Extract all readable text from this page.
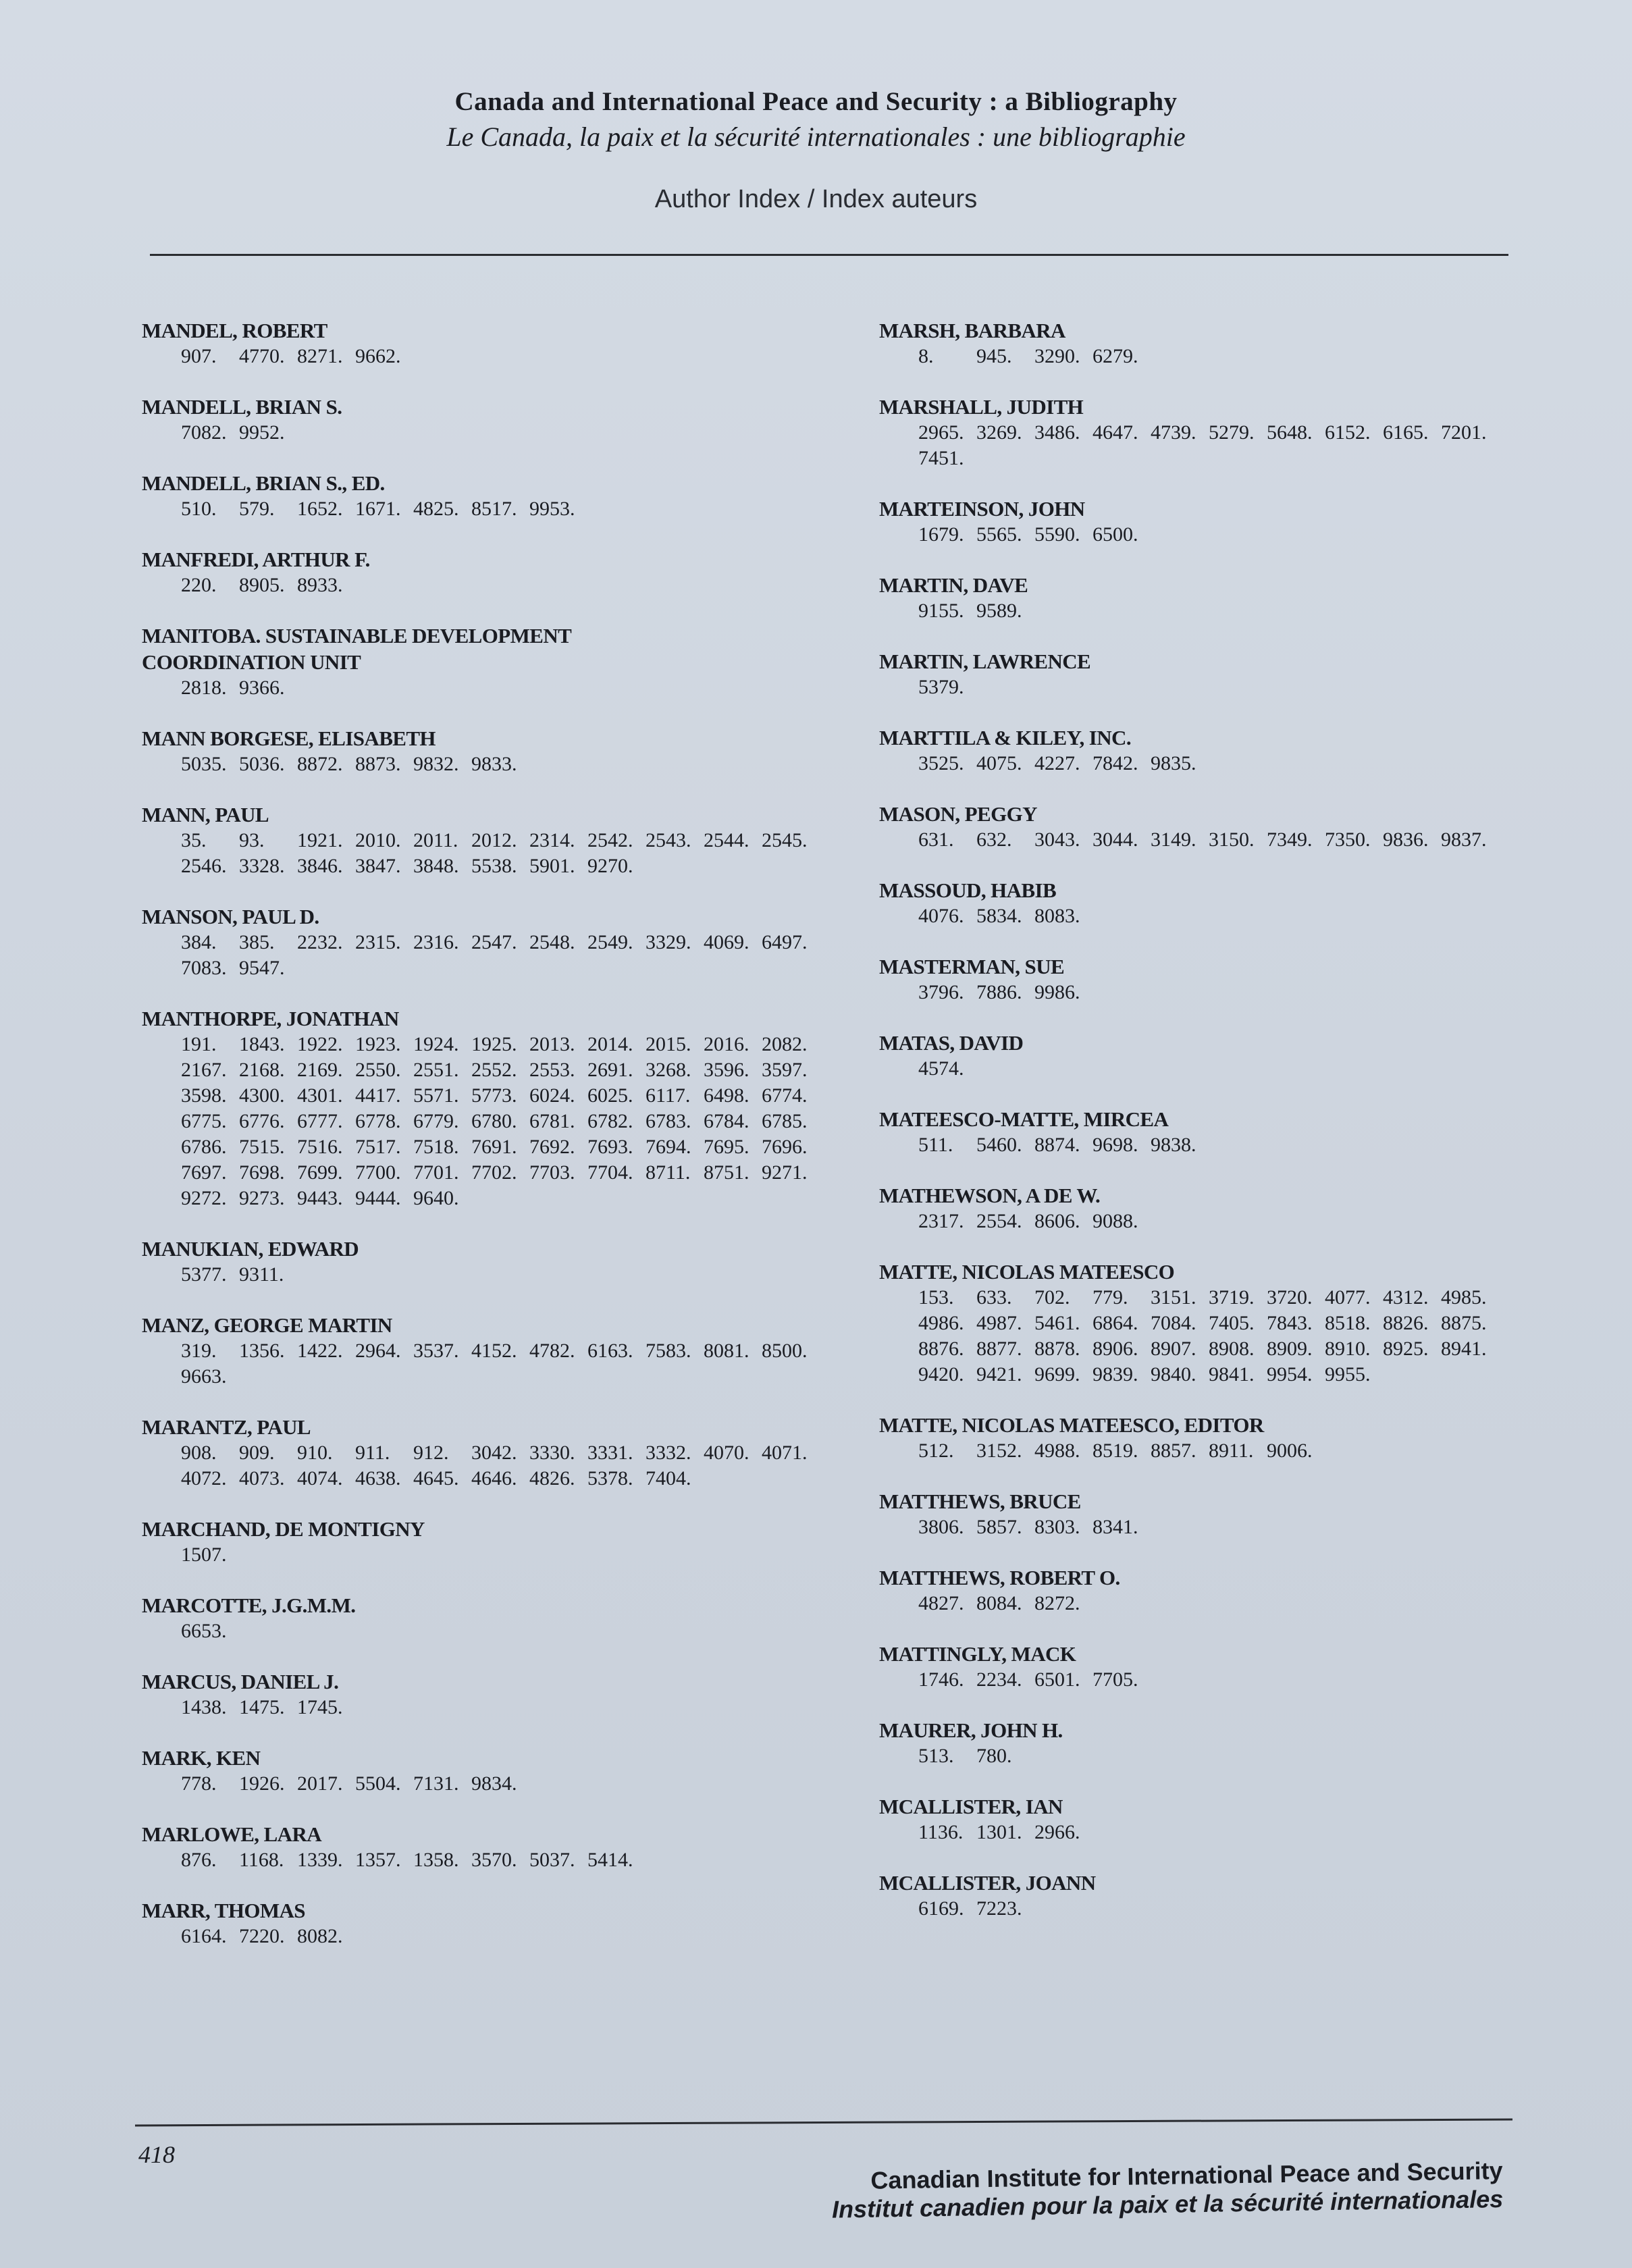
Canada and International Peace and Security : a Bibliography

Le Canada, la paix et la sécurité internationales : une bibliographie

Author Index / Index auteurs

MANDEL, ROBERT
907.	4770. 8271. 9662.
MANDELL, BRIAN S.
7082. 9952.
MANDELL, BRIAN S., ED.
510.	579.	1652. 1671. 4825. 8517. 9953.
MANFREDI, ARTHUR F.
220.	8905. 8933.
MANITOBA. SUSTAINABLE DEVELOPMENT
COORDINATION UNIT
2818. 9366.
MANN BORGESE, ELISABETH
5035. 5036. 8872. 8873. 9832. 9833.
MANN, PAUL
35.	93.	1921. 2010. 2011. 2012. 2314. 2542. 2543. 2544. 2545.
2546. 3328. 3846. 3847. 3848. 5538. 5901. 9270.
MANSON, PAUL D.
384.	385.	2232. 2315. 2316. 2547. 2548. 2549. 3329. 4069. 6497.
7083. 9547.
MANTHORPE, JONATHAN
191.	1843. 1922. 1923. 1924. 1925. 2013. 2014. 2015. 2016. 2082.
2167. 2168. 2169. 2550. 2551. 2552. 2553. 2691. 3268. 3596. 3597.
3598. 4300. 4301. 4417. 5571. 5773. 6024. 6025. 6117. 6498. 6774.
6775. 6776. 6777. 6778. 6779. 6780. 6781. 6782. 6783. 6784. 6785.
6786. 7515. 7516. 7517. 7518. 7691. 7692. 7693. 7694. 7695. 7696.
7697. 7698. 7699. 7700. 7701. 7702. 7703. 7704. 8711. 8751. 9271.
9272. 9273. 9443. 9444. 9640.
MANUKIAN, EDWARD
5377. 9311.
MANZ, GEORGE MARTIN
319.	1356. 1422. 2964. 3537. 4152. 4782. 6163. 7583. 8081. 8500.
9663.
MARANTZ, PAUL
908.	909.	910.	911.	912.	3042. 3330. 3331. 3332. 4070. 4071.
4072. 4073. 4074. 4638. 4645. 4646. 4826. 5378. 7404.
MARCHAND, DE MONTIGNY
1507.
MARCOTTE, J.G.M.M.
6653.
MARCUS, DANIEL J.
1438. 1475. 1745.
MARK, KEN
778.	1926. 2017. 5504. 7131. 9834.
MARLOWE, LARA
876.	1168. 1339. 1357. 1358. 3570. 5037. 5414.
MARR, THOMAS
6164. 7220. 8082.
MARSH, BARBARA
8.	945.	3290. 6279.
MARSHALL, JUDITH
2965. 3269. 3486. 4647. 4739. 5279. 5648. 6152. 6165. 7201.
7451.
MARTEINSON, JOHN
1679. 5565. 5590. 6500.
MARTIN, DAVE
9155. 9589.
MARTIN, LAWRENCE
5379.
MARTTILA & KILEY, INC.
3525. 4075. 4227. 7842. 9835.
MASON, PEGGY
631.	632.	3043. 3044. 3149. 3150. 7349. 7350. 9836. 9837.
MASSOUD, HABIB
4076. 5834. 8083.
MASTERMAN, SUE
3796. 7886. 9986.
MATAS, DAVID
4574.
MATEESCO-MATTE, MIRCEA
511.	5460. 8874. 9698. 9838.
MATHEWSON, A DE W.
2317. 2554. 8606. 9088.
MATTE, NICOLAS MATEESCO
153.	633.	702.	779.	3151. 3719. 3720. 4077. 4312. 4985.
4986. 4987. 5461. 6864. 7084. 7405. 7843. 8518. 8826. 8875.
8876. 8877. 8878. 8906. 8907. 8908. 8909. 8910. 8925. 8941.
9420. 9421. 9699. 9839. 9840. 9841. 9954. 9955.
MATTE, NICOLAS MATEESCO, EDITOR
512.	3152. 4988. 8519. 8857. 8911. 9006.
MATTHEWS, BRUCE
3806. 5857. 8303. 8341.
MATTHEWS, ROBERT O.
4827. 8084. 8272.
MATTINGLY, MACK
1746. 2234. 6501. 7705.
MAURER, JOHN H.
513.	780.
MCALLISTER, IAN
1136. 1301. 2966.
MCALLISTER, JOANN
6169. 7223.
418
Canadian Institute for International Peace and Security
Institut canadien pour la paix et la sécurité internationales
